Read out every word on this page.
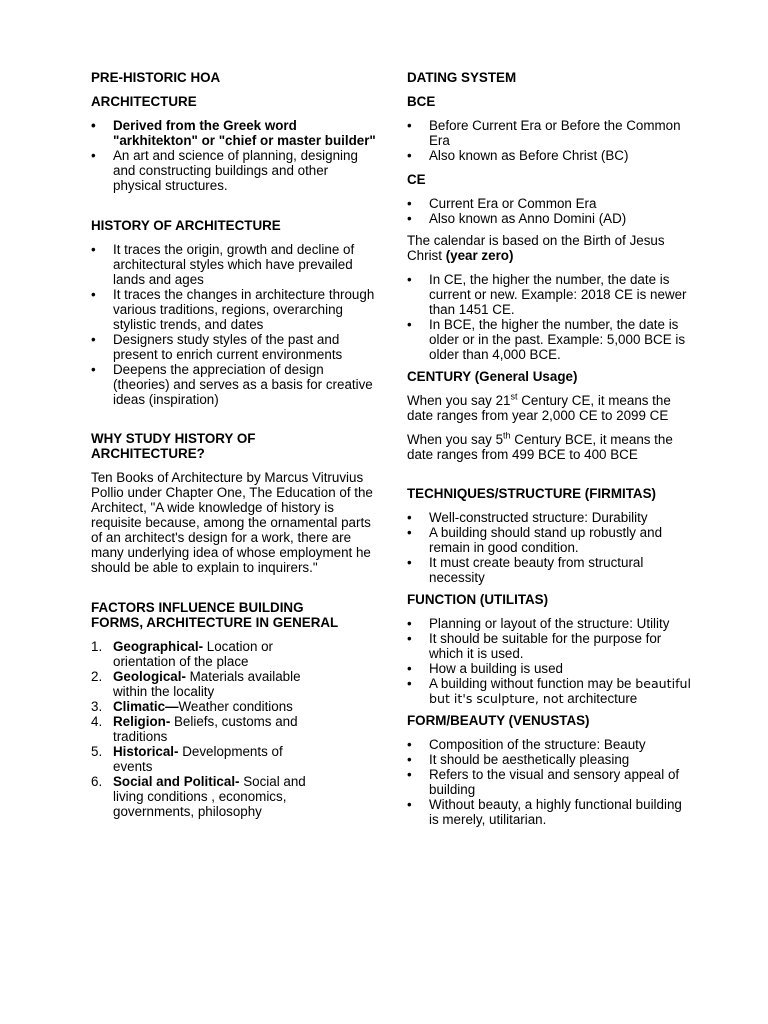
PRE-HISTORIC HOA

ARCHITECTURE

• Derived from the Greek word "arkhitekton" or "chief or master builder"
• An art and science of planning, designing and constructing buildings and other physical structures.

HISTORY OF ARCHITECTURE

• It traces the origin, growth and decline of architectural styles which have prevailed lands and ages
• It traces the changes in architecture through various traditions, regions, overarching stylistic trends, and dates
• Designers study styles of the past and present to enrich current environments
• Deepens the appreciation of design (theories) and serves as a basis for creative ideas (inspiration)

WHY STUDY HISTORY OF ARCHITECTURE?

Ten Books of Architecture by Marcus Vitruvius Pollio under Chapter One, The Education of the Architect, "A wide knowledge of history is requisite because, among the ornamental parts of an architect's design for a work, there are many underlying idea of whose employment he should be able to explain to inquirers."

FACTORS INFLUENCE BUILDING FORMS, ARCHITECTURE IN GENERAL

1. Geographical- Location or orientation of the place
2. Geological- Materials available within the locality
3. Climatic—Weather conditions
4. Religion- Beliefs, customs and traditions
5. Historical- Developments of events
6. Social and Political- Social and living conditions , economics, governments, philosophy

DATING SYSTEM

BCE

• Before Current Era or Before the Common Era
• Also known as Before Christ (BC)

CE

• Current Era or Common Era
• Also known as Anno Domini (AD)

The calendar is based on the Birth of Jesus Christ (year zero)

• In CE, the higher the number, the date is current or new. Example: 2018 CE is newer than 1451 CE.
• In BCE, the higher the number, the date is older or in the past. Example: 5,000 BCE is older than 4,000 BCE.

CENTURY (General Usage)

When you say 21st Century CE, it means the date ranges from year 2,000 CE to 2099 CE

When you say 5th Century BCE, it means the date ranges from 499 BCE to 400 BCE

TECHNIQUES/STRUCTURE (FIRMITAS)

• Well-constructed structure: Durability
• A building should stand up robustly and remain in good condition.
• It must create beauty from structural necessity

FUNCTION (UTILITAS)

• Planning or layout of the structure: Utility
• It should be suitable for the purpose for which it is used.
• How a building is used
• A building without function may be beautiful but it's sculpture, not architecture

FORM/BEAUTY (VENUSTAS)

• Composition of the structure: Beauty
• It should be aesthetically pleasing
• Refers to the visual and sensory appeal of building
• Without beauty, a highly functional building is merely, utilitarian.
